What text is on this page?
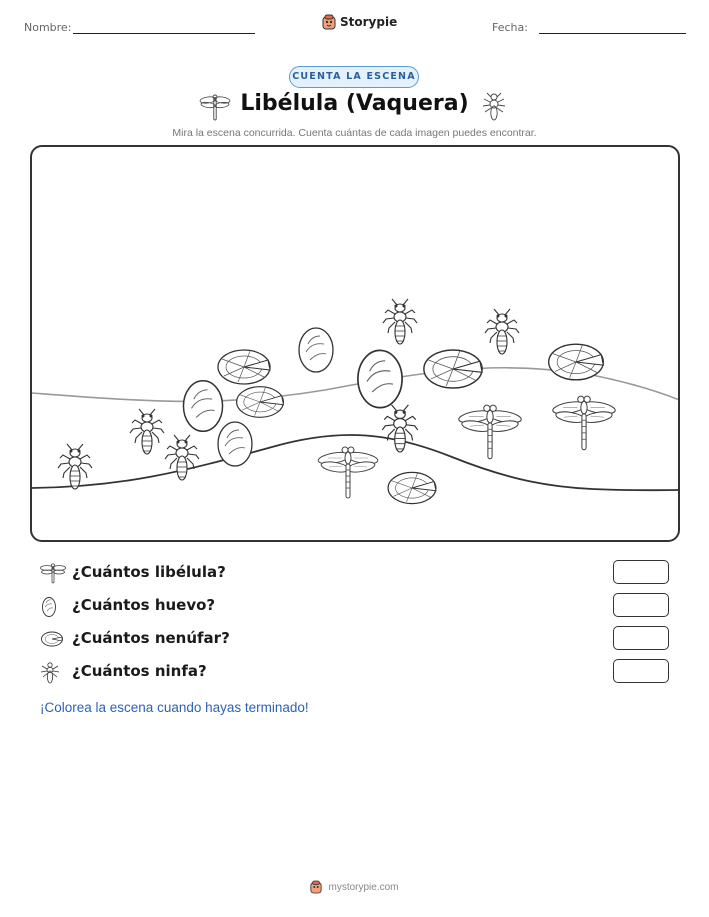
Nombre:	Storypie	Fecha:
CUENTA LA ESCENA
Libélula (Vaquera)
Mira la escena concurrida. Cuenta cuántas de cada imagen puedes encontrar.
¿Cuántos libélula?
¿Cuántos huevo?
¿Cuántos nenúfar?
¿Cuántos ninfa?
¡Colorea la escena cuando hayas terminado!
mystorypie.com
